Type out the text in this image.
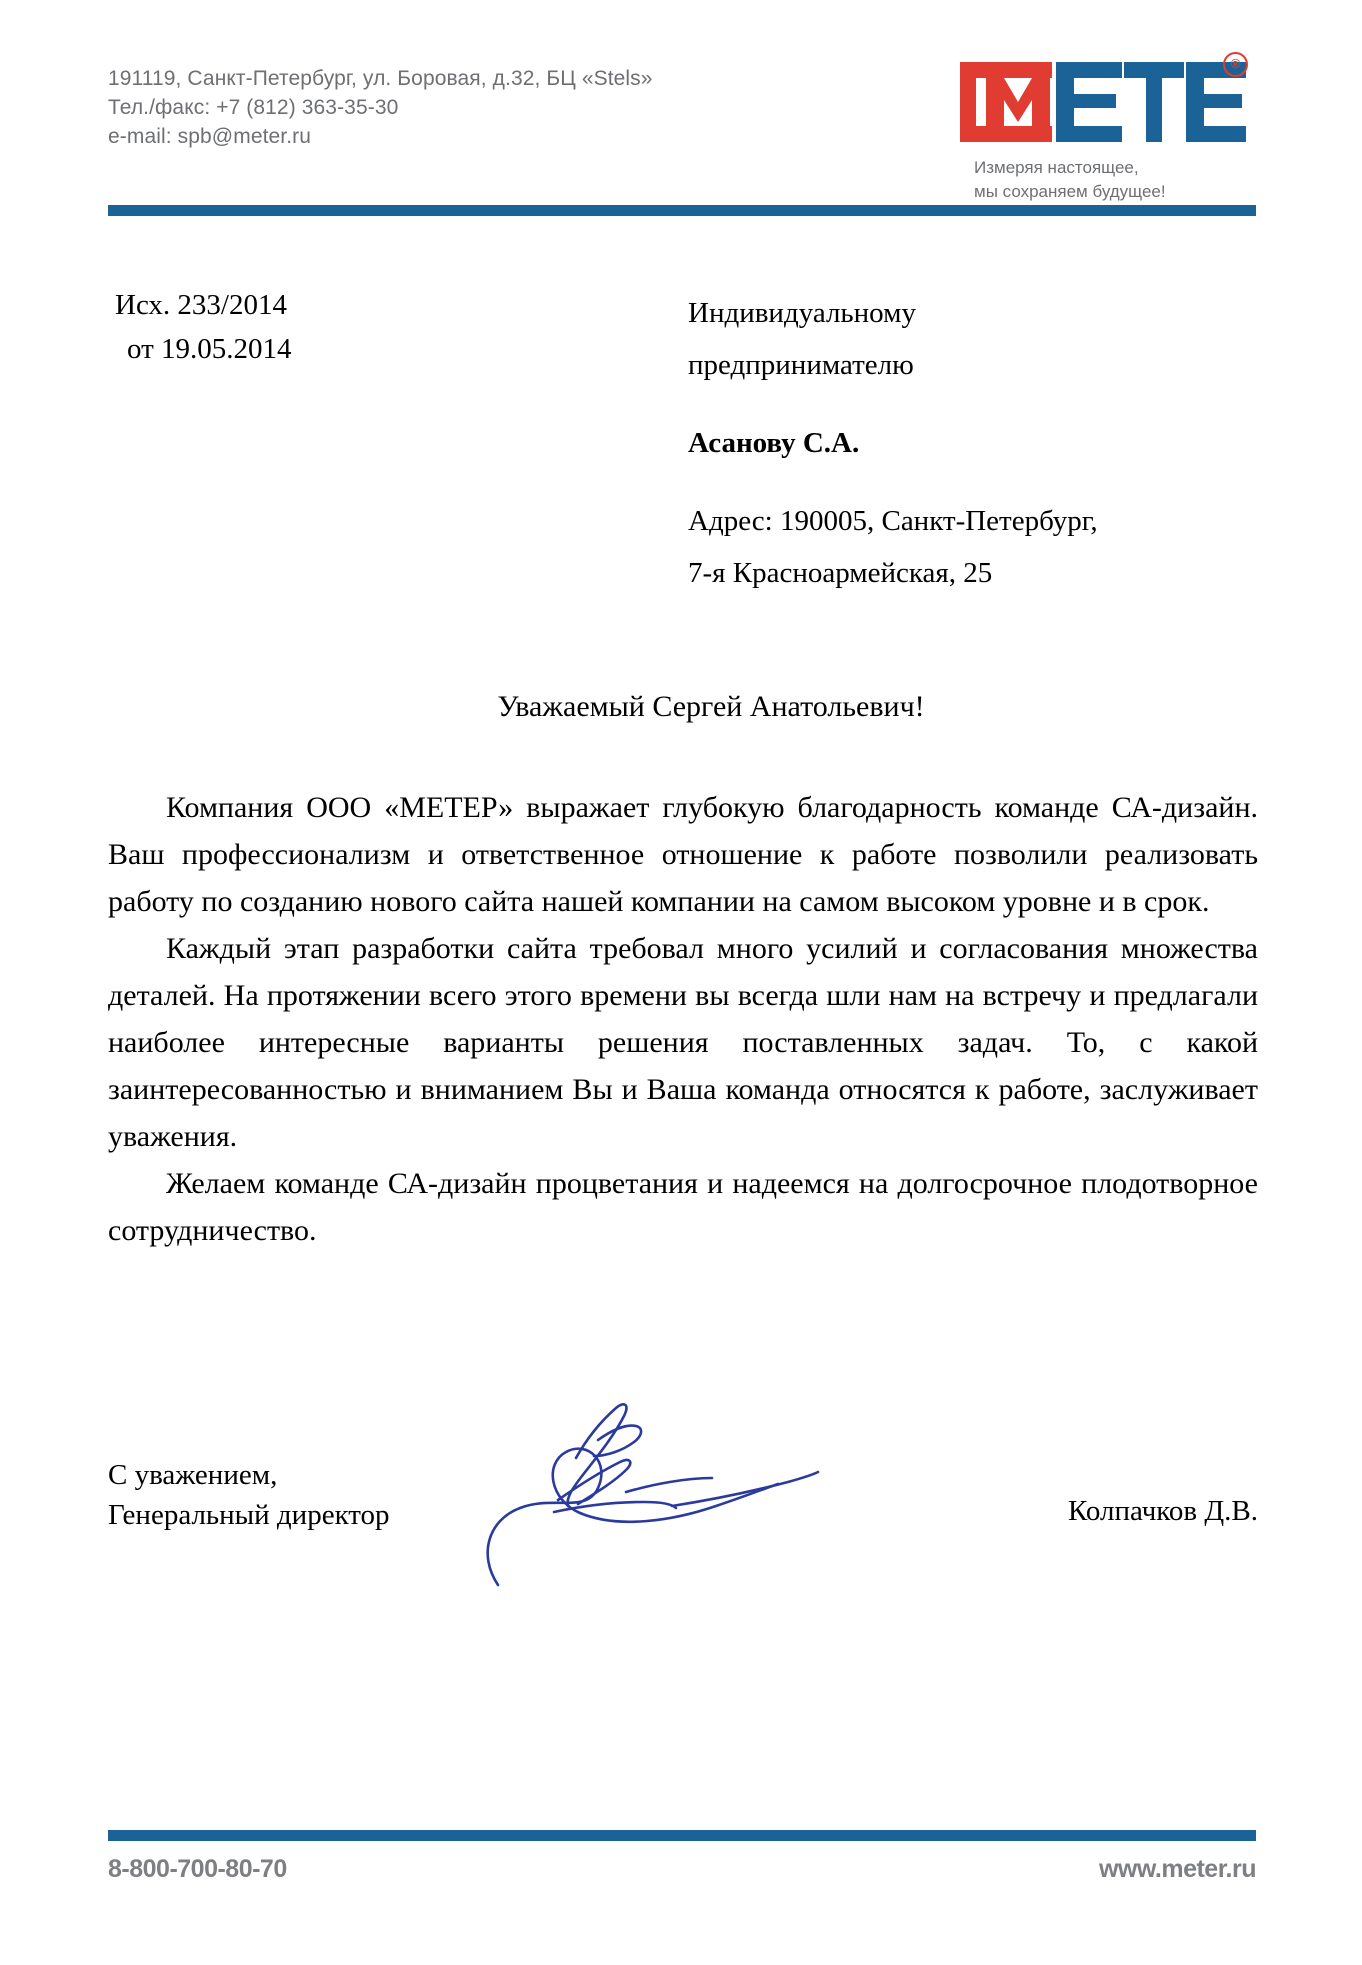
191119, Санкт-Петербург, ул. Боровая, д.32, БЦ «Stels»
Тел./факс: +7 (812) 363-35-30
e-mail: spb@meter.ru
®
Измеряя настоящее,
мы сохраняем будущее!
Исх. 233/2014
от 19.05.2014
Индивидуальному
предпринимателю
Асанову С.А.
Адрес: 190005, Санкт-Петербург,
7-я Красноармейская, 25
Уважаемый Сергей Анатольевич!

Компания ООО «МЕТЕР» выражает глубокую благодарность команде СА-дизайн. Ваш профессионализм и ответственное отношение к работе позволили реализовать работу по созданию нового сайта нашей компании на самом высоком уровне и в срок.

Каждый этап разработки сайта требовал много усилий и согласования множества деталей. На протяжении всего этого времени вы всегда шли нам на встречу и предлагали наиболее интересные варианты решения поставленных задач. То, с какой заинтересованностью и вниманием Вы и Ваша команда относятся к работе, заслуживает уважения.

Желаем команде СА-дизайн процветания и надеемся на долгосрочное плодотворное сотрудничество.

С уважением,
Генеральный директор	Колпачков Д.В.
8-800-700-80-70	www.meter.ru
